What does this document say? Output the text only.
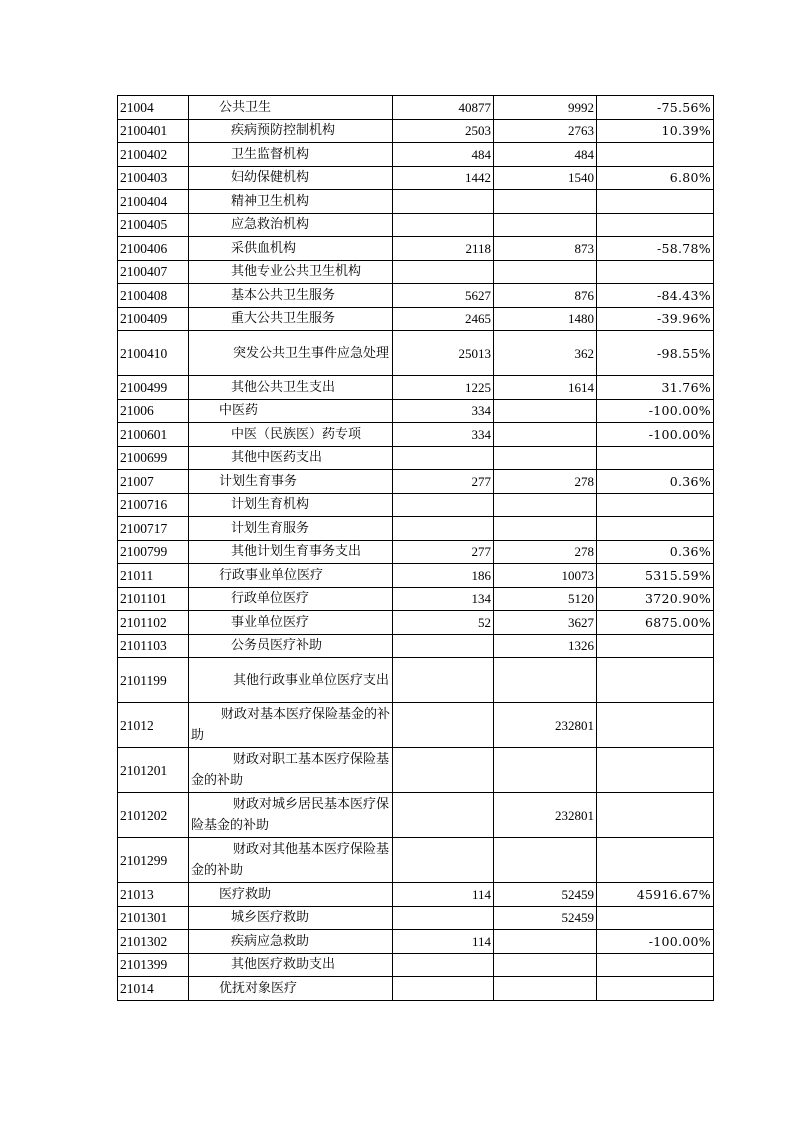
21004	公共卫生	40877	9992	-75.56%
2100401	疾病预防控制机构	2503	2763	10.39%
2100402	卫生监督机构	484	484	
2100403	妇幼保健机构	1442	1540	6.80%
2100404	精神卫生机构			
2100405	应急救治机构			
2100406	采供血机构	2118	873	-58.78%
2100407	其他专业公共卫生机构			
2100408	基本公共卫生服务	5627	876	-84.43%
2100409	重大公共卫生服务	2465	1480	-39.96%
2100410	突发公共卫生事件应急处理	25013	362	-98.55%
2100499	其他公共卫生支出	1225	1614	31.76%
21006	中医药	334		-100.00%
2100601	中医（民族医）药专项	334		-100.00%
2100699	其他中医药支出			
21007	计划生育事务	277	278	0.36%
2100716	计划生育机构			
2100717	计划生育服务			
2100799	其他计划生育事务支出	277	278	0.36%
21011	行政事业单位医疗	186	10073	5315.59%
2101101	行政单位医疗	134	5120	3720.90%
2101102	事业单位医疗	52	3627	6875.00%
2101103	公务员医疗补助		1326	
2101199	其他行政事业单位医疗支出			
21012	财政对基本医疗保险基金的补助		232801	
2101201	财政对职工基本医疗保险基金的补助			
2101202	财政对城乡居民基本医疗保险基金的补助		232801	
2101299	财政对其他基本医疗保险基金的补助			
21013	医疗救助	114	52459	45916.67%
2101301	城乡医疗救助		52459	
2101302	疾病应急救助	114		-100.00%
2101399	其他医疗救助支出			
21014	优抚对象医疗			
